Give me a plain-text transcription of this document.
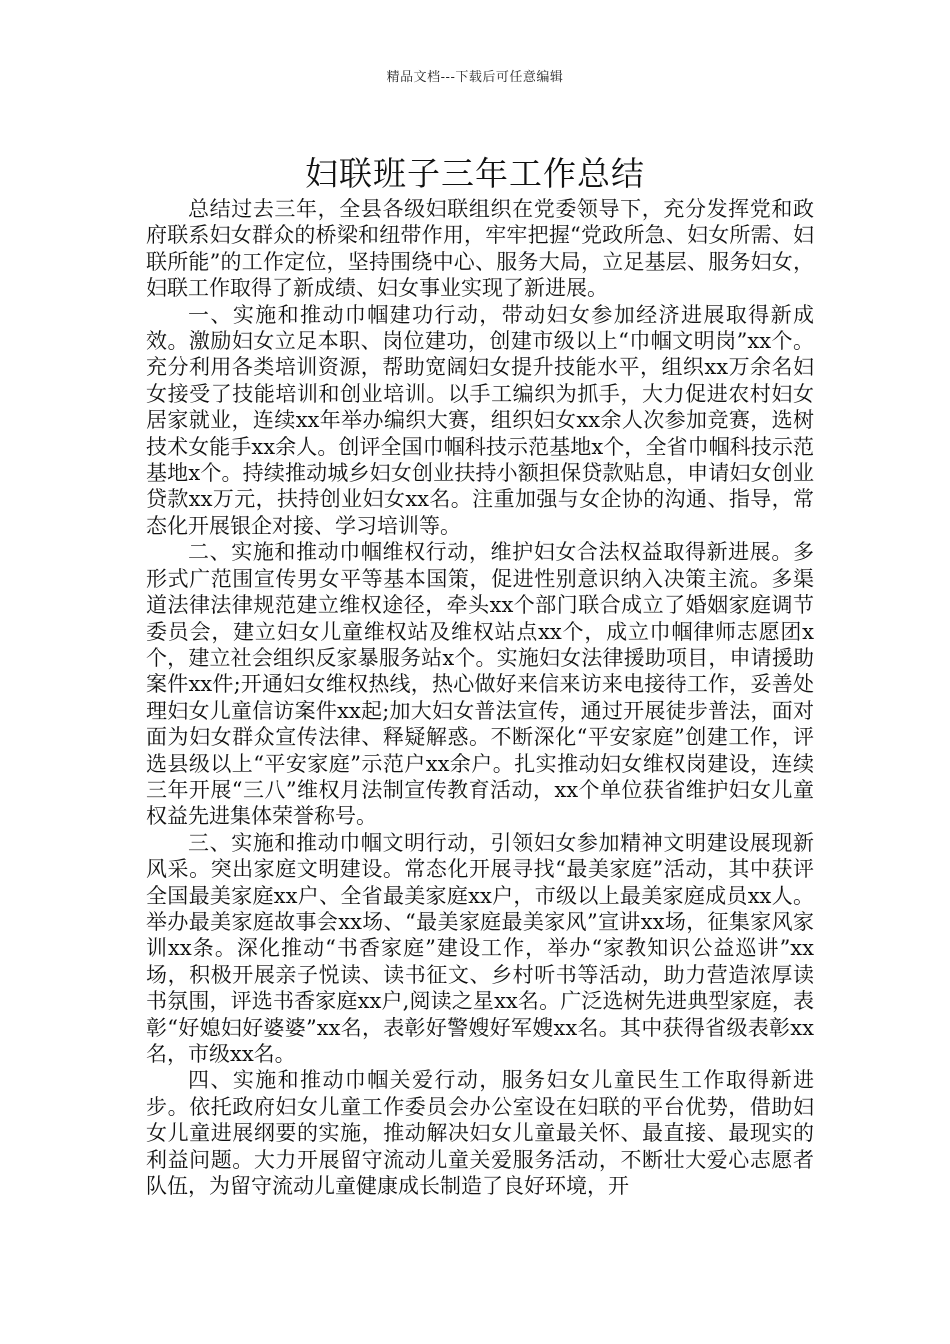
精品文档---下载后可任意编辑
妇联班子三年工作总结

总结过去三年，全县各级妇联组织在党委领导下，充分发挥党和政府联系妇女群众的桥梁和纽带作用，牢牢把握“党政所急、妇女所需、妇联所能”的工作定位，坚持围绕中心、服务大局，立足基层、服务妇女，妇联工作取得了新成绩、妇女事业实现了新进展。

一、实施和推动巾帼建功行动，带动妇女参加经济进展取得新成效。激励妇女立足本职、岗位建功，创建市级以上“巾帼文明岗”xx个。充分利用各类培训资源，帮助宽阔妇女提升技能水平，组织xx万余名妇女接受了技能培训和创业培训。以手工编织为抓手，大力促进农村妇女居家就业，连续xx年举办编织大赛，组织妇女xx余人次参加竞赛，选树技术女能手xx余人。创评全国巾帼科技示范基地x个，全省巾帼科技示范基地x个。持续推动城乡妇女创业扶持小额担保贷款贴息，申请妇女创业贷款xx万元，扶持创业妇女xx名。注重加强与女企协的沟通、指导，常态化开展银企对接、学习培训等。

二、实施和推动巾帼维权行动，维护妇女合法权益取得新进展。多形式广范围宣传男女平等基本国策，促进性别意识纳入决策主流。多渠道法律法律规范建立维权途径，牵头xx个部门联合成立了婚姻家庭调节委员会，建立妇女儿童维权站及维权站点xx个，成立巾帼律师志愿团x个，建立社会组织反家暴服务站x个。实施妇女法律援助项目，申请援助案件xx件;开通妇女维权热线，热心做好来信来访来电接待工作，妥善处理妇女儿童信访案件xx起;加大妇女普法宣传，通过开展徒步普法，面对面为妇女群众宣传法律、释疑解惑。不断深化“平安家庭”创建工作，评选县级以上“平安家庭”示范户xx余户。扎实推动妇女维权岗建设，连续三年开展“三八”维权月法制宣传教育活动，xx个单位获省维护妇女儿童权益先进集体荣誉称号。

三、实施和推动巾帼文明行动，引领妇女参加精神文明建设展现新风采。突出家庭文明建设。常态化开展寻找“最美家庭”活动，其中获评全国最美家庭xx户、全省最美家庭xx户，市级以上最美家庭成员xx人。举办最美家庭故事会xx场、“最美家庭最美家风”宣讲xx场，征集家风家训xx条。深化推动“书香家庭”建设工作，举办“家教知识公益巡讲”xx场，积极开展亲子悦读、读书征文、乡村听书等活动，助力营造浓厚读书氛围，评选书香家庭xx户,阅读之星xx名。广泛选树先进典型家庭，表彰“好媳妇好婆婆”xx名，表彰好警嫂好军嫂xx名。其中获得省级表彰xx名，市级xx名。

四、实施和推动巾帼关爱行动，服务妇女儿童民生工作取得新进步。依托政府妇女儿童工作委员会办公室设在妇联的平台优势，借助妇女儿童进展纲要的实施，推动解决妇女儿童最关怀、最直接、最现实的利益问题。大力开展留守流动儿童关爱服务活动，不断壮大爱心志愿者队伍，为留守流动儿童健康成长制造了良好环境，开
